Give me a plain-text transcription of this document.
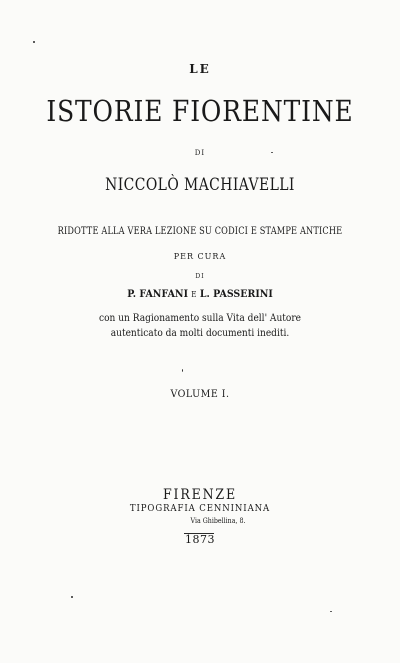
LE
ISTORIE FIORENTINE
DI
NICCOLÒ MACHIAVELLI
RIDOTTE ALLA VERA LEZIONE SU CODICI E STAMPE ANTICHE
PER CURA
DI
P. FANFANI E L. PASSERINI
con un Ragionamento sulla Vita dell' Autore
autenticato da molti documenti inediti.
VOLUME I.
FIRENZE
TIPOGRAFIA CENNINIANA
Via Ghibellina, 8.
1873
